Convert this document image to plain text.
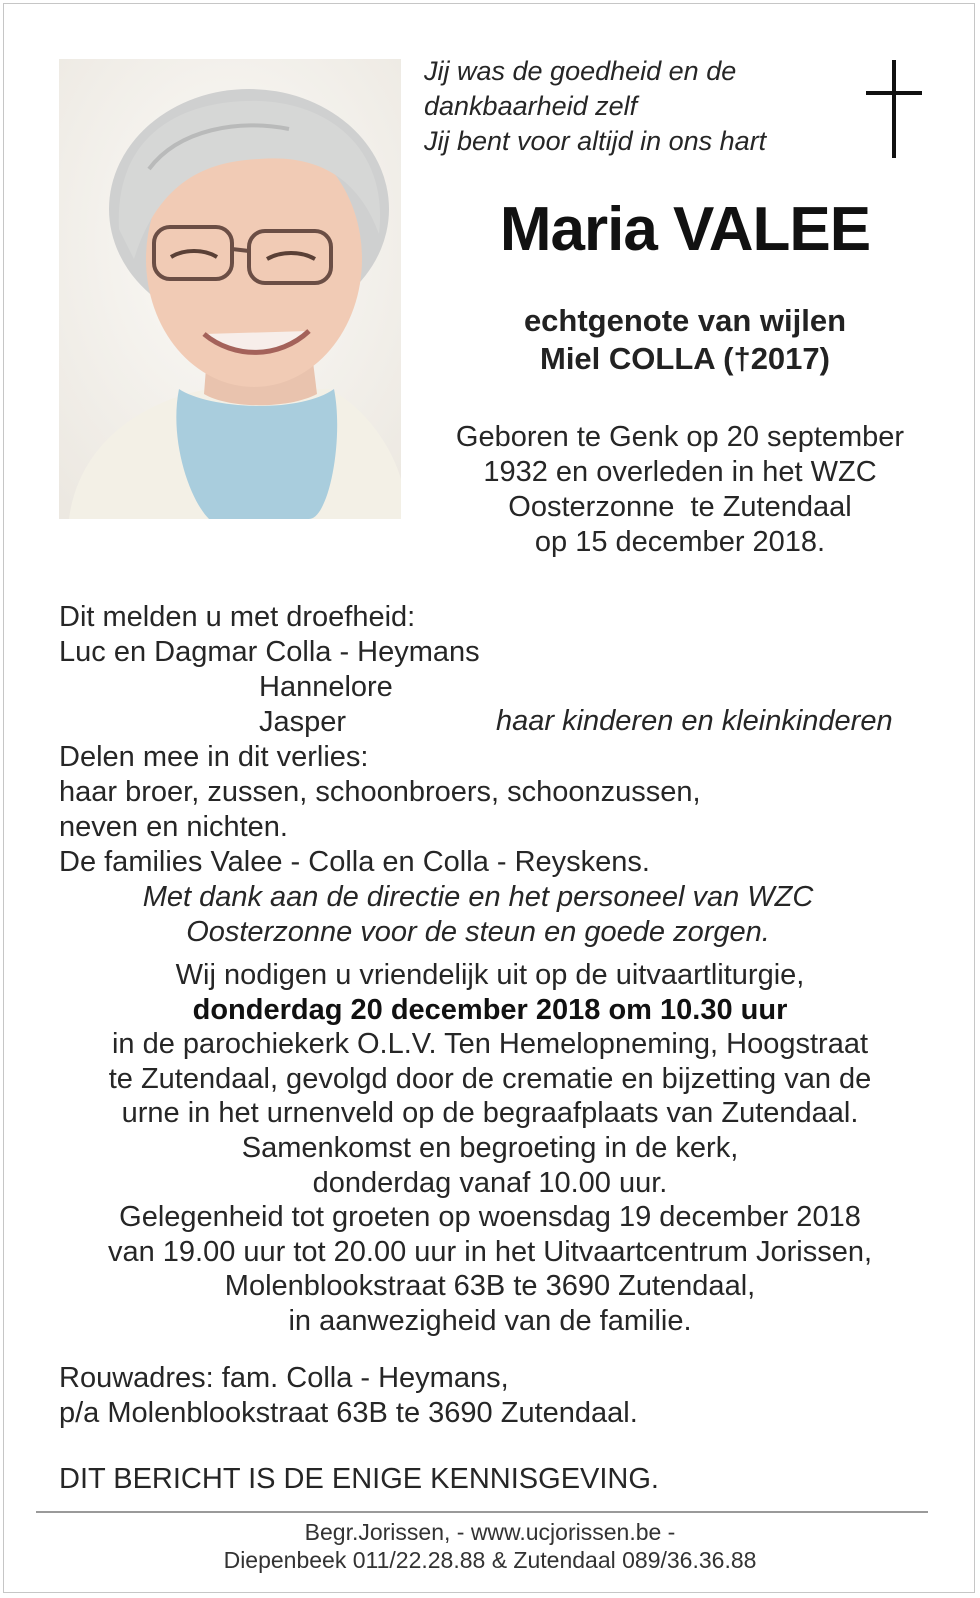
Jij was de goedheid en de
dankbaarheid zelf
Jij bent voor altijd in ons hart
Maria VALEE
echtgenote van wijlen
Miel COLLA (†2017)
Geboren te Genk op 20 september
1932 en overleden in het WZC
Oosterzonne  te Zutendaal
op 15 december 2018.
Dit melden u met droefheid:
Luc en Dagmar Colla - Heymans
Hannelore
Jasper	haar kinderen en kleinkinderen
Delen mee in dit verlies:
haar broer, zussen, schoonbroers, schoonzussen,
neven en nichten.
De families Valee - Colla en Colla - Reyskens.
Met dank aan de directie en het personeel van WZC
Oosterzonne voor de steun en goede zorgen.
Wij nodigen u vriendelijk uit op de uitvaartliturgie,
donderdag 20 december 2018 om 10.30 uur
in de parochiekerk O.L.V. Ten Hemelopneming, Hoogstraat
te Zutendaal, gevolgd door de crematie en bijzetting van de
urne in het urnenveld op de begraafplaats van Zutendaal.
Samenkomst en begroeting in de kerk,
donderdag vanaf 10.00 uur.
Gelegenheid tot groeten op woensdag 19 december 2018
van 19.00 uur tot 20.00 uur in het Uitvaartcentrum Jorissen,
Molenblookstraat 63B te 3690 Zutendaal,
in aanwezigheid van de familie.
Rouwadres: fam. Colla - Heymans,
p/a Molenblookstraat 63B te 3690 Zutendaal.
DIT BERICHT IS DE ENIGE KENNISGEVING.
Begr.Jorissen, - www.ucjorissen.be -
Diepenbeek 011/22.28.88 & Zutendaal 089/36.36.88
